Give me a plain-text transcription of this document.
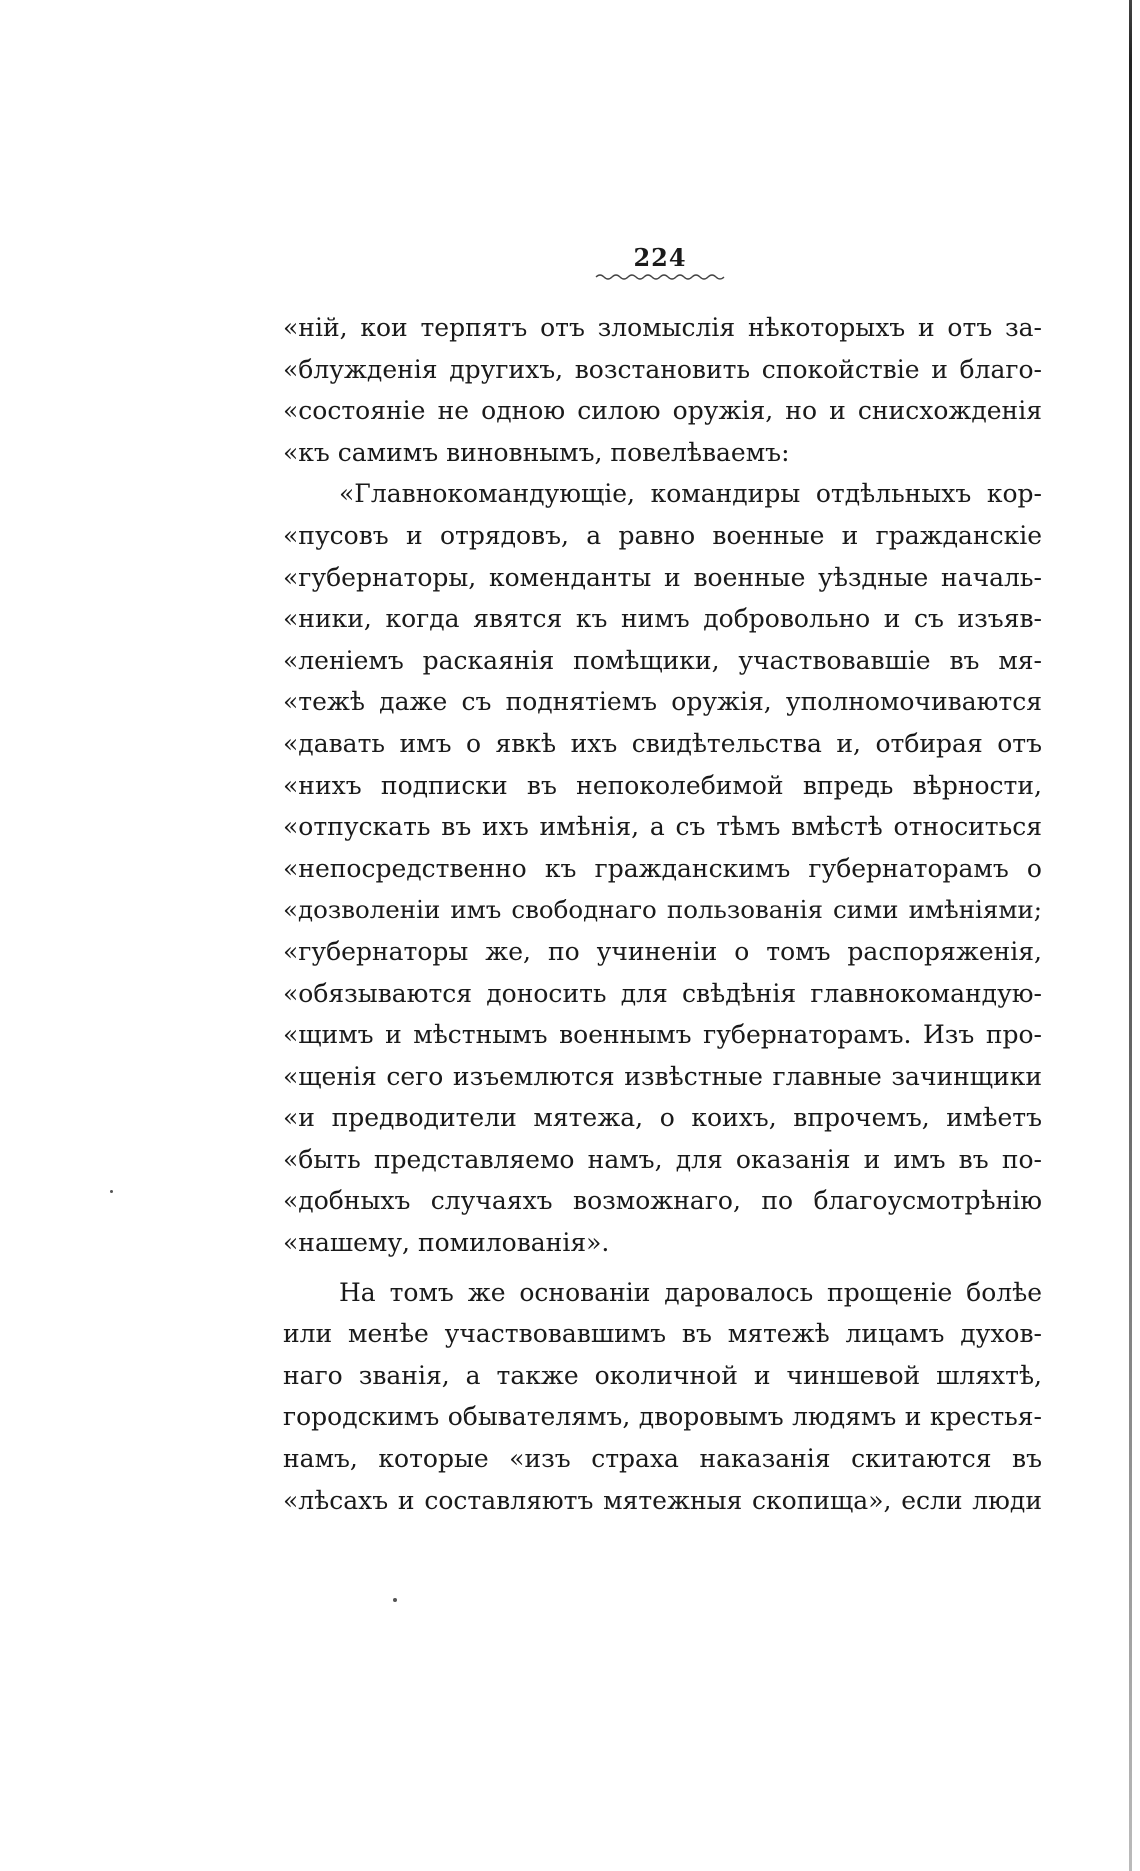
224
«ній, кои терпятъ отъ зломыслія нѣкоторыхъ и отъ за-
«блужденія другихъ, возстановить спокойствіе и благо-
«состояніе не одною силою оружія, но и снисхожденія
«къ самимъ виновнымъ, повелѣваемъ:
«Главнокомандующіе, командиры отдѣльныхъ кор-
«пусовъ и отрядовъ, а равно военные и гражданскіе
«губернаторы, коменданты и военные уѣздные началь-
«ники, когда явятся къ нимъ добровольно и съ изъяв-
«леніемъ раскаянія помѣщики, участвовавшіе въ мя-
«тежѣ даже съ поднятіемъ оружія, уполномочиваются
«давать имъ о явкѣ ихъ свидѣтельства и, отбирая отъ
«нихъ подписки въ непоколебимой впредь вѣрности,
«отпускать въ ихъ имѣнія, а съ тѣмъ вмѣстѣ относиться
«непосредственно къ гражданскимъ губернаторамъ о
«дозволеніи имъ свободнаго пользованія сими имѣніями;
«губернаторы же, по учиненіи о томъ распоряженія,
«обязываются доносить для свѣдѣнія главнокомандую-
«щимъ и мѣстнымъ военнымъ губернаторамъ. Изъ про-
«щенія сего изъемлются извѣстные главные зачинщики
«и предводители мятежа, о коихъ, впрочемъ, имѣетъ
«быть представляемо намъ, для оказанія и имъ въ по-
«добныхъ случаяхъ возможнаго, по благоусмотрѣнію
«нашему, помилованія».
На томъ же основаніи даровалось прощеніе болѣе
или менѣе участвовавшимъ въ мятежѣ лицамъ духов-
наго званія, а также околичной и чиншевой шляхтѣ,
городскимъ обывателямъ, дворовымъ людямъ и крестья-
намъ, которые «изъ страха наказанія скитаются въ
«лѣсахъ и составляютъ мятежныя скопища», если люди
